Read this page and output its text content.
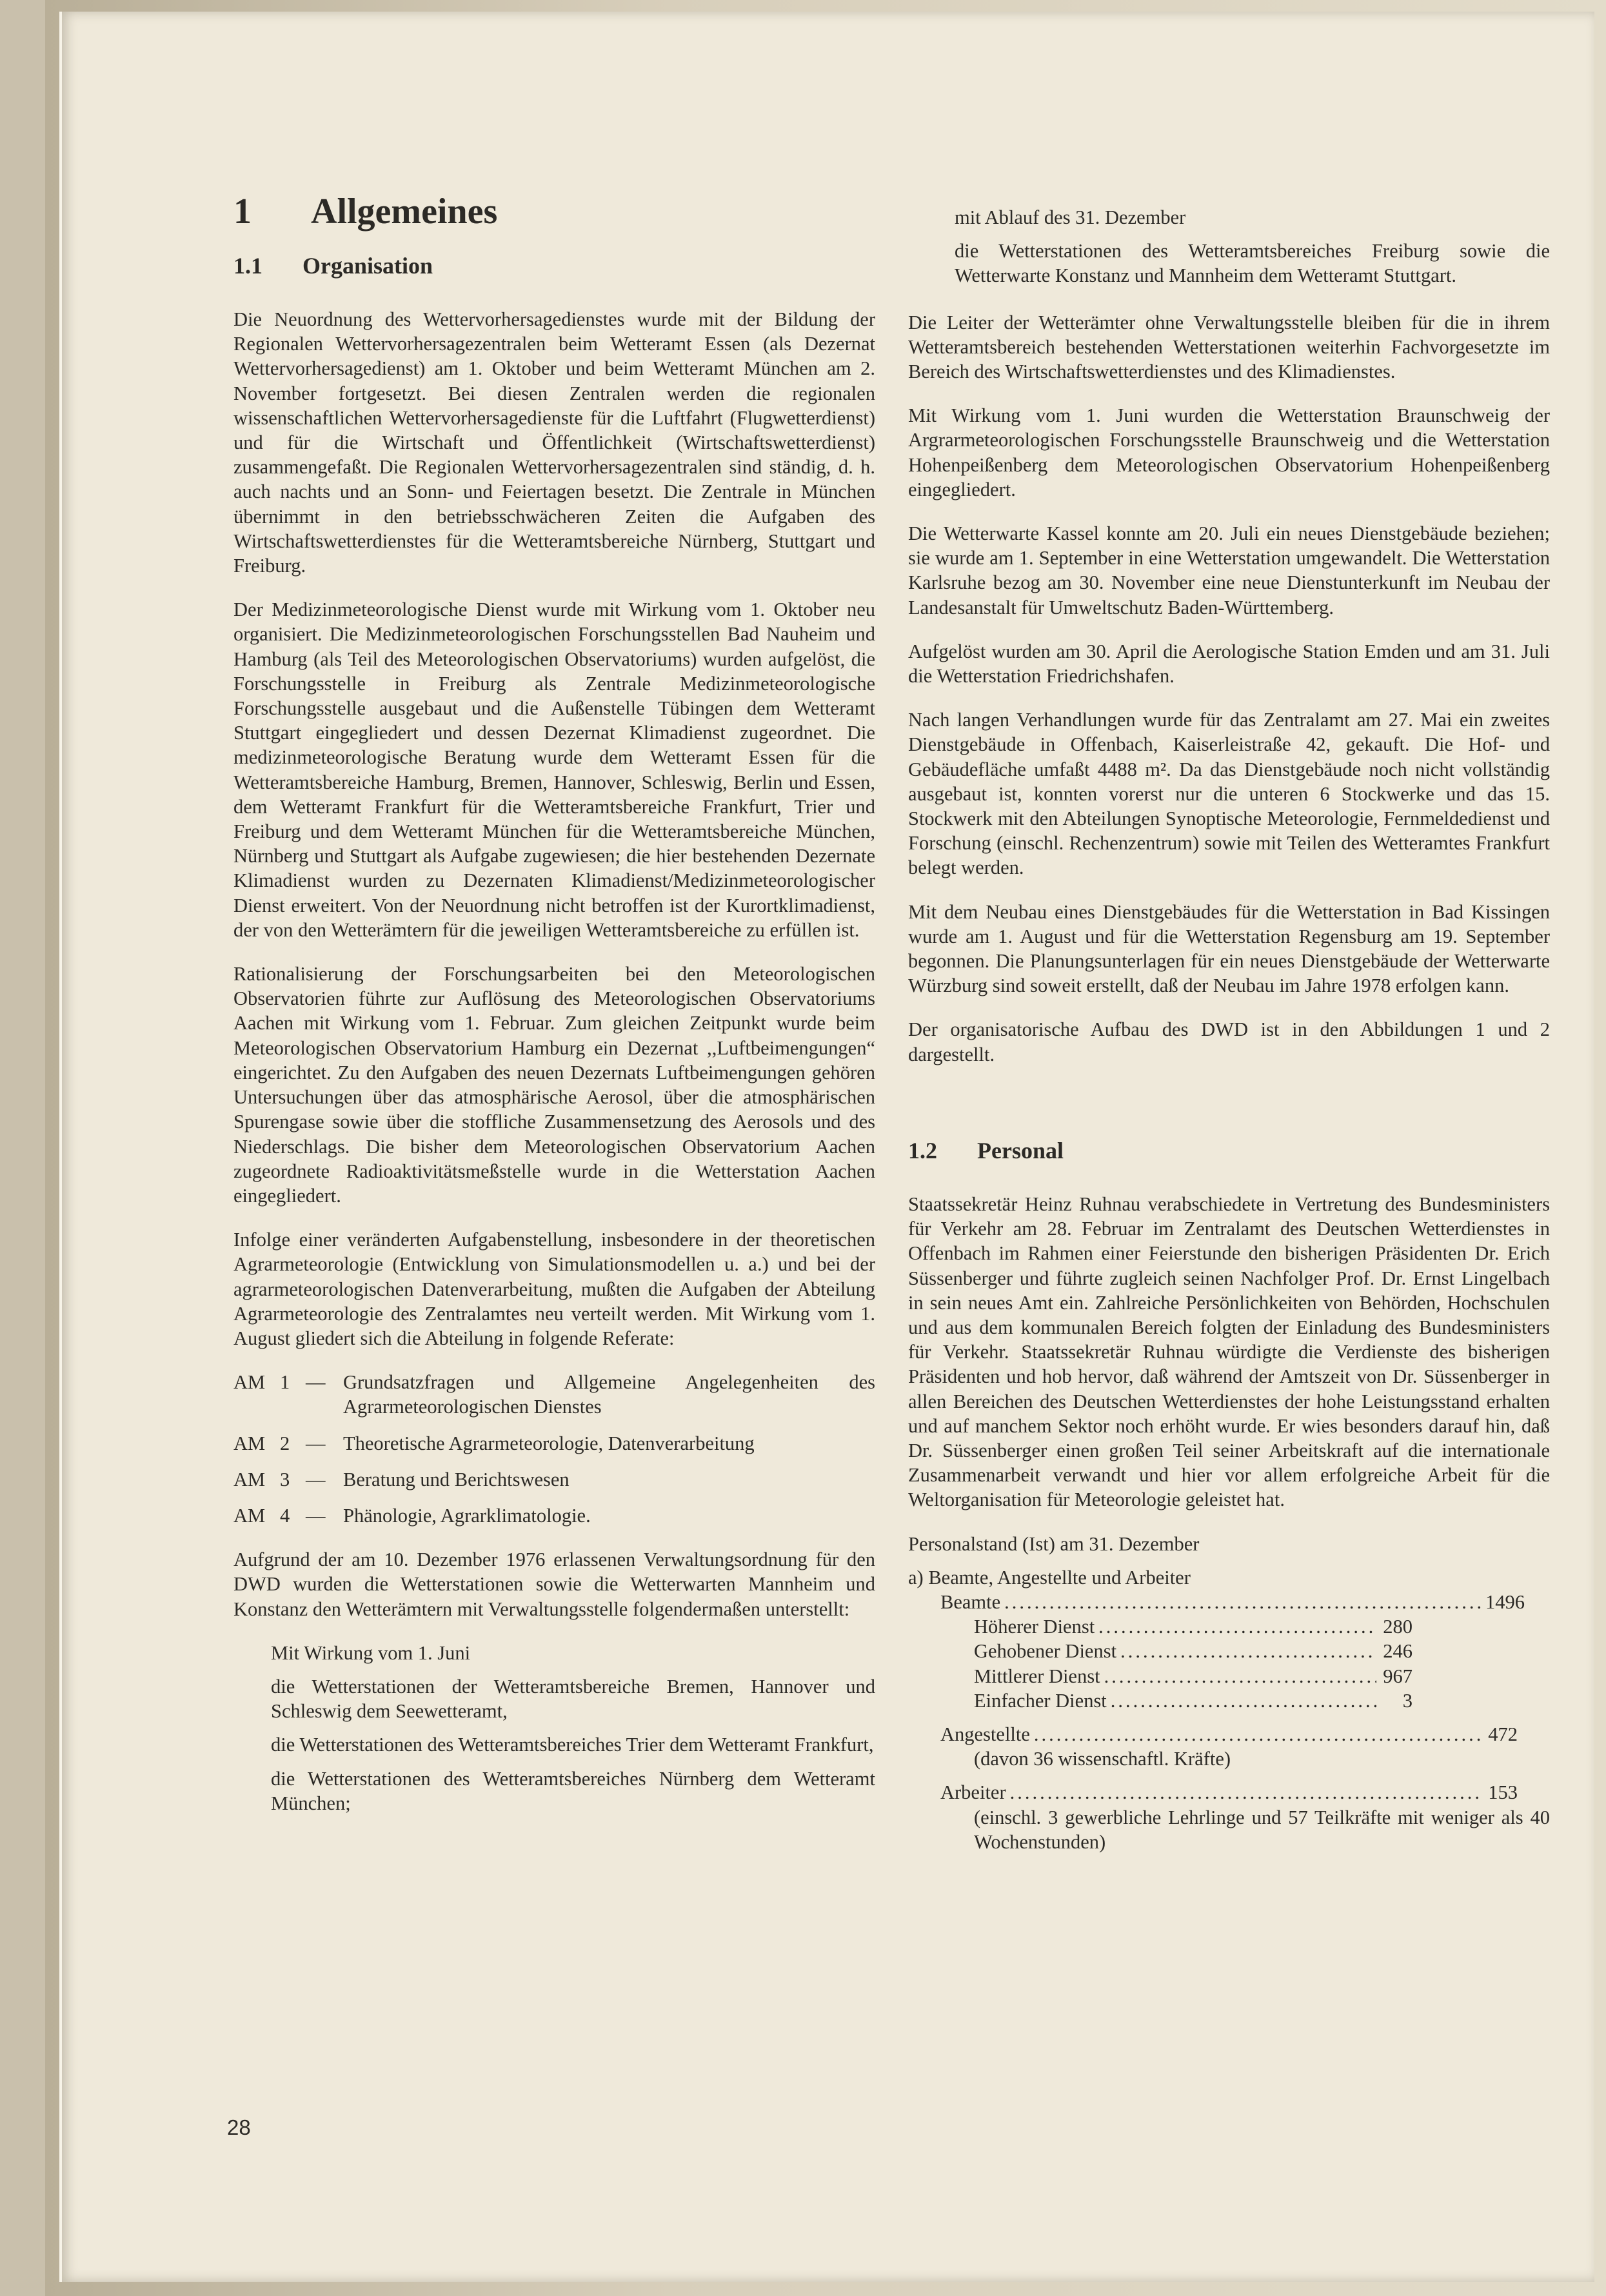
1 Allgemeines
1.1 Organisation

Die Neuordnung des Wettervorhersagedienstes wurde mit der Bildung der Regionalen Wettervorhersagezentralen beim Wetteramt Essen (als Dezernat Wettervorhersagedienst) am 1. Oktober und beim Wetteramt München am 2. November fortgesetzt. Bei diesen Zentralen werden die regionalen wissenschaftlichen Wettervorhersagedienste für die Luftfahrt (Flugwetterdienst) und für die Wirtschaft und Öffentlichkeit (Wirtschaftswetterdienst) zusammengefaßt. Die Regionalen Wettervorhersagezentralen sind ständig, d. h. auch nachts und an Sonn- und Feiertagen besetzt. Die Zentrale in München übernimmt in den betriebsschwächeren Zeiten die Aufgaben des Wirtschaftswetterdienstes für die Wetteramtsbereiche Nürnberg, Stuttgart und Freiburg.

Der Medizinmeteorologische Dienst wurde mit Wirkung vom 1. Oktober neu organisiert. Die Medizinmeteorologischen Forschungsstellen Bad Nauheim und Hamburg (als Teil des Meteorologischen Observatoriums) wurden aufgelöst, die Forschungsstelle in Freiburg als Zentrale Medizinmeteorologische Forschungsstelle ausgebaut und die Außenstelle Tübingen dem Wetteramt Stuttgart eingegliedert und dessen Dezernat Klimadienst zugeordnet. Die medizinmeteorologische Beratung wurde dem Wetteramt Essen für die Wetteramtsbereiche Hamburg, Bremen, Hannover, Schleswig, Berlin und Essen, dem Wetteramt Frankfurt für die Wetteramtsbereiche Frankfurt, Trier und Freiburg und dem Wetteramt München für die Wetteramtsbereiche München, Nürnberg und Stuttgart als Aufgabe zugewiesen; die hier bestehenden Dezernate Klimadienst wurden zu Dezernaten Klimadienst/Medizinmeteorologischer Dienst erweitert. Von der Neuordnung nicht betroffen ist der Kurortklimadienst, der von den Wetterämtern für die jeweiligen Wetteramtsbereiche zu erfüllen ist.

Rationalisierung der Forschungsarbeiten bei den Meteorologischen Observatorien führte zur Auflösung des Meteorologischen Observatoriums Aachen mit Wirkung vom 1. Februar. Zum gleichen Zeitpunkt wurde beim Meteorologischen Observatorium Hamburg ein Dezernat ,,Luftbeimengungen“ eingerichtet. Zu den Aufgaben des neuen Dezernats Luftbeimengungen gehören Untersuchungen über das atmosphärische Aerosol, über die atmosphärischen Spurengase sowie über die stoffliche Zusammensetzung des Aerosols und des Niederschlags. Die bisher dem Meteorologischen Observatorium Aachen zugeordnete Radioaktivitätsmeßstelle wurde in die Wetterstation Aachen eingegliedert.

Infolge einer veränderten Aufgabenstellung, insbesondere in der theoretischen Agrarmeteorologie (Entwicklung von Simulationsmodellen u. a.) und bei der agrarmeteorologischen Datenverarbeitung, mußten die Aufgaben der Abteilung Agrarmeteorologie des Zentralamtes neu verteilt werden. Mit Wirkung vom 1. August gliedert sich die Abteilung in folgende Referate:

AM 1 — Grundsatzfragen und Allgemeine Angelegenheiten des Agrarmeteorologischen Dienstes
AM 2 — Theoretische Agrarmeteorologie, Datenverarbeitung
AM 3 — Beratung und Berichtswesen
AM 4 — Phänologie, Agrarklimatologie.

Aufgrund der am 10. Dezember 1976 erlassenen Verwaltungsordnung für den DWD wurden die Wetterstationen sowie die Wetterwarten Mannheim und Konstanz den Wetterämtern mit Verwaltungsstelle folgendermaßen unterstellt:

Mit Wirkung vom 1. Juni

die Wetterstationen der Wetteramtsbereiche Bremen, Hannover und Schleswig dem Seewetteramt,

die Wetterstationen des Wetteramtsbereiches Trier dem Wetteramt Frankfurt,

die Wetterstationen des Wetteramtsbereiches Nürnberg dem Wetteramt München;

mit Ablauf des 31. Dezember

die Wetterstationen des Wetteramtsbereiches Freiburg sowie die Wetterwarte Konstanz und Mannheim dem Wetteramt Stuttgart.

Die Leiter der Wetterämter ohne Verwaltungsstelle bleiben für die in ihrem Wetteramtsbereich bestehenden Wetterstationen weiterhin Fachvorgesetzte im Bereich des Wirtschaftswetterdienstes und des Klimadienstes.

Mit Wirkung vom 1. Juni wurden die Wetterstation Braunschweig der Argrarmeteorologischen Forschungsstelle Braunschweig und die Wetterstation Hohenpeißenberg dem Meteorologischen Observatorium Hohenpeißenberg eingegliedert.

Die Wetterwarte Kassel konnte am 20. Juli ein neues Dienstgebäude beziehen; sie wurde am 1. September in eine Wetterstation umgewandelt. Die Wetterstation Karlsruhe bezog am 30. November eine neue Dienstunterkunft im Neubau der Landesanstalt für Umweltschutz Baden-Württemberg.

Aufgelöst wurden am 30. April die Aerologische Station Emden und am 31. Juli die Wetterstation Friedrichshafen.

Nach langen Verhandlungen wurde für das Zentralamt am 27. Mai ein zweites Dienstgebäude in Offenbach, Kaiserleistraße 42, gekauft. Die Hof- und Gebäudefläche umfaßt 4488 m². Da das Dienstgebäude noch nicht vollständig ausgebaut ist, konnten vorerst nur die unteren 6 Stockwerke und das 15. Stockwerk mit den Abteilungen Synoptische Meteorologie, Fernmeldedienst und Forschung (einschl. Rechenzentrum) sowie mit Teilen des Wetteramtes Frankfurt belegt werden.

Mit dem Neubau eines Dienstgebäudes für die Wetterstation in Bad Kissingen wurde am 1. August und für die Wetterstation Regensburg am 19. September begonnen. Die Planungsunterlagen für ein neues Dienstgebäude der Wetterwarte Würzburg sind soweit erstellt, daß der Neubau im Jahre 1978 erfolgen kann.

Der organisatorische Aufbau des DWD ist in den Abbildungen 1 und 2 dargestellt.

1.2 Personal

Staatssekretär Heinz Ruhnau verabschiedete in Vertretung des Bundesministers für Verkehr am 28. Februar im Zentralamt des Deutschen Wetterdienstes in Offenbach im Rahmen einer Feierstunde den bisherigen Präsidenten Dr. Erich Süssenberger und führte zugleich seinen Nachfolger Prof. Dr. Ernst Lingelbach in sein neues Amt ein. Zahlreiche Persönlichkeiten von Behörden, Hochschulen und aus dem kommunalen Bereich folgten der Einladung des Bundesministers für Verkehr. Staatssekretär Ruhnau würdigte die Verdienste des bisherigen Präsidenten und hob hervor, daß während der Amtszeit von Dr. Süssenberger in allen Bereichen des Deutschen Wetterdienstes der hohe Leistungsstand erhalten und auf manchem Sektor noch erhöht wurde. Er wies besonders darauf hin, daß Dr. Süssenberger einen großen Teil seiner Arbeitskraft auf die internationale Zusammenarbeit verwandt und hier vor allem erfolgreiche Arbeit für die Weltorganisation für Meteorologie geleistet hat.

Personalstand (Ist) am 31. Dezember
a) Beamte, Angestellte und Arbeiter
Beamte .....	1496
Höherer Dienst .....	280
Gehobener Dienst .....	246
Mittlerer Dienst .....	967
Einfacher Dienst .....	3
Angestellte .....	472
(davon 36 wissenschaftl. Kräfte)
Arbeiter .....	153
(einschl. 3 gewerbliche Lehrlinge und 57 Teilkräfte mit weniger als 40 Wochenstunden)
28
